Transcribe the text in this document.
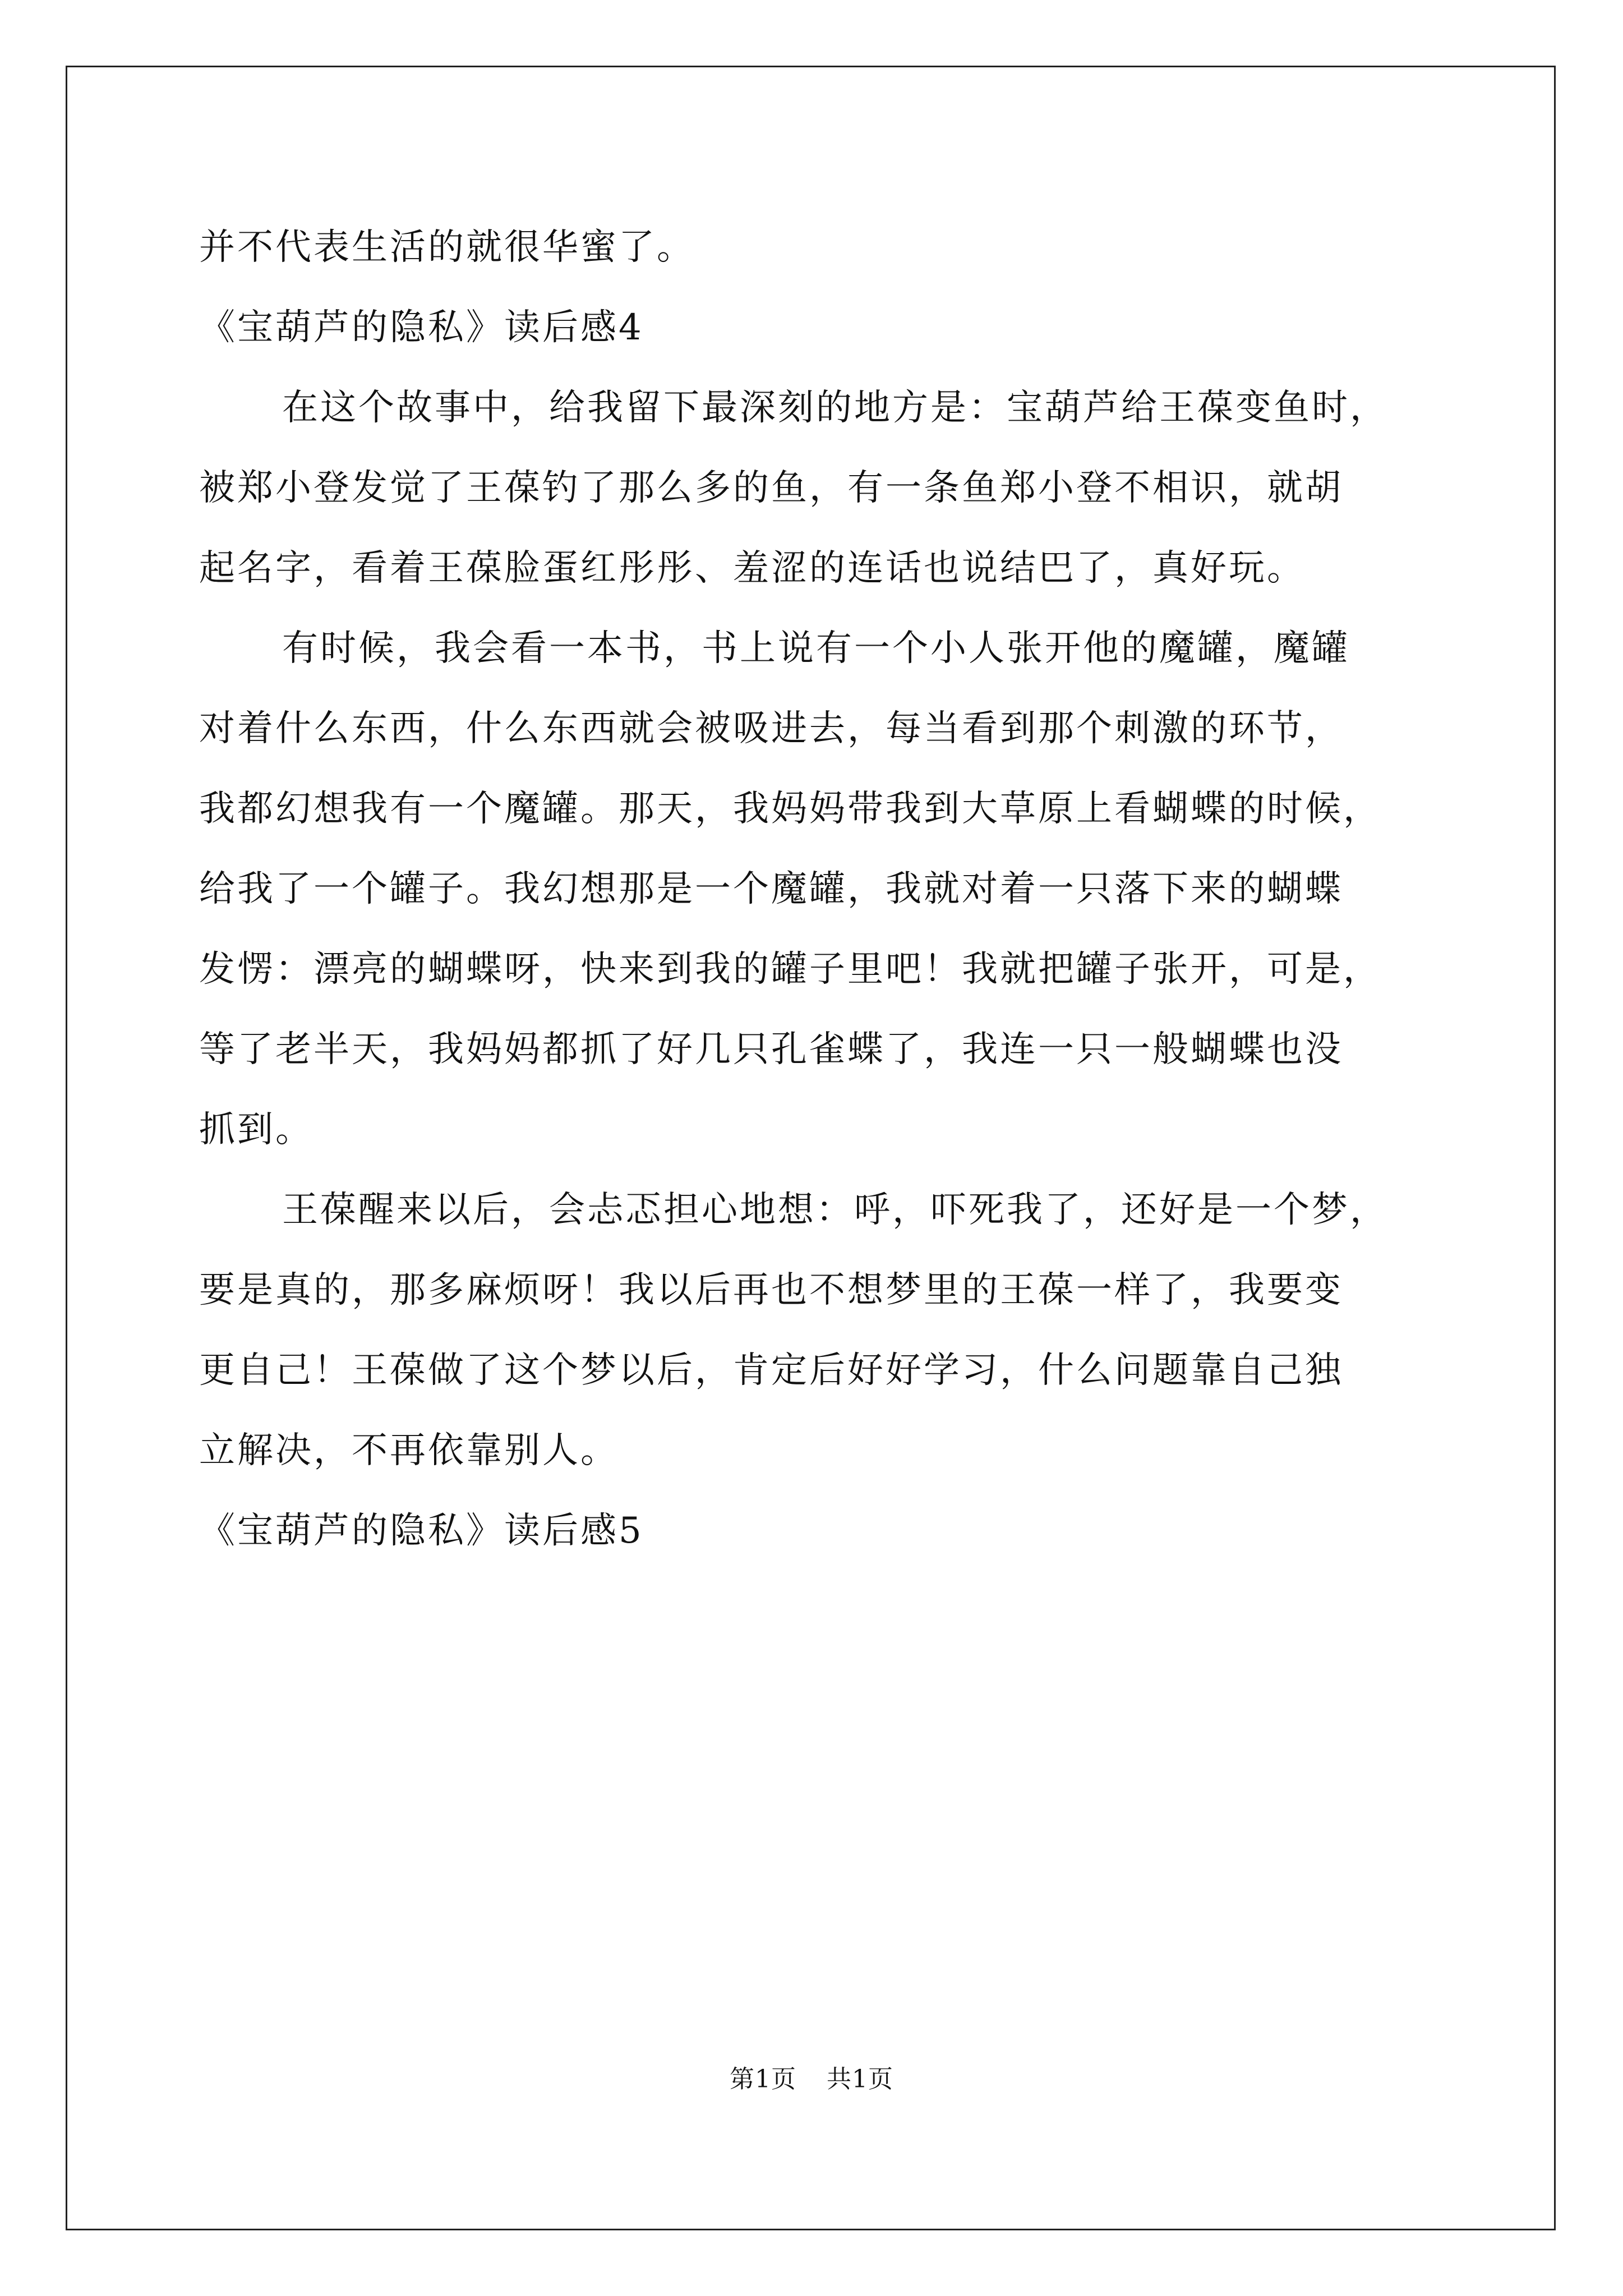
并不代表生活的就很华蜜了。
《宝葫芦的隐私》读后感4
在这个故事中，给我留下最深刻的地方是：宝葫芦给王葆变鱼时，
被郑小登发觉了王葆钓了那么多的鱼，有一条鱼郑小登不相识，就胡
起名字，看着王葆脸蛋红彤彤、羞涩的连话也说结巴了，真好玩。
有时候，我会看一本书，书上说有一个小人张开他的魔罐，魔罐
对着什么东西，什么东西就会被吸进去，每当看到那个刺激的环节，
我都幻想我有一个魔罐。那天，我妈妈带我到大草原上看蝴蝶的时候，
给我了一个罐子。我幻想那是一个魔罐，我就对着一只落下来的蝴蝶
发愣：漂亮的蝴蝶呀，快来到我的罐子里吧！我就把罐子张开，可是，
等了老半天，我妈妈都抓了好几只孔雀蝶了，我连一只一般蝴蝶也没
抓到。
王葆醒来以后，会忐忑担心地想：呼，吓死我了，还好是一个梦，
要是真的，那多麻烦呀！我以后再也不想梦里的王葆一样了，我要变
更自己！王葆做了这个梦以后，肯定后好好学习，什么问题靠自己独
立解决，不再依靠别人。
《宝葫芦的隐私》读后感5
第1页 共1页
